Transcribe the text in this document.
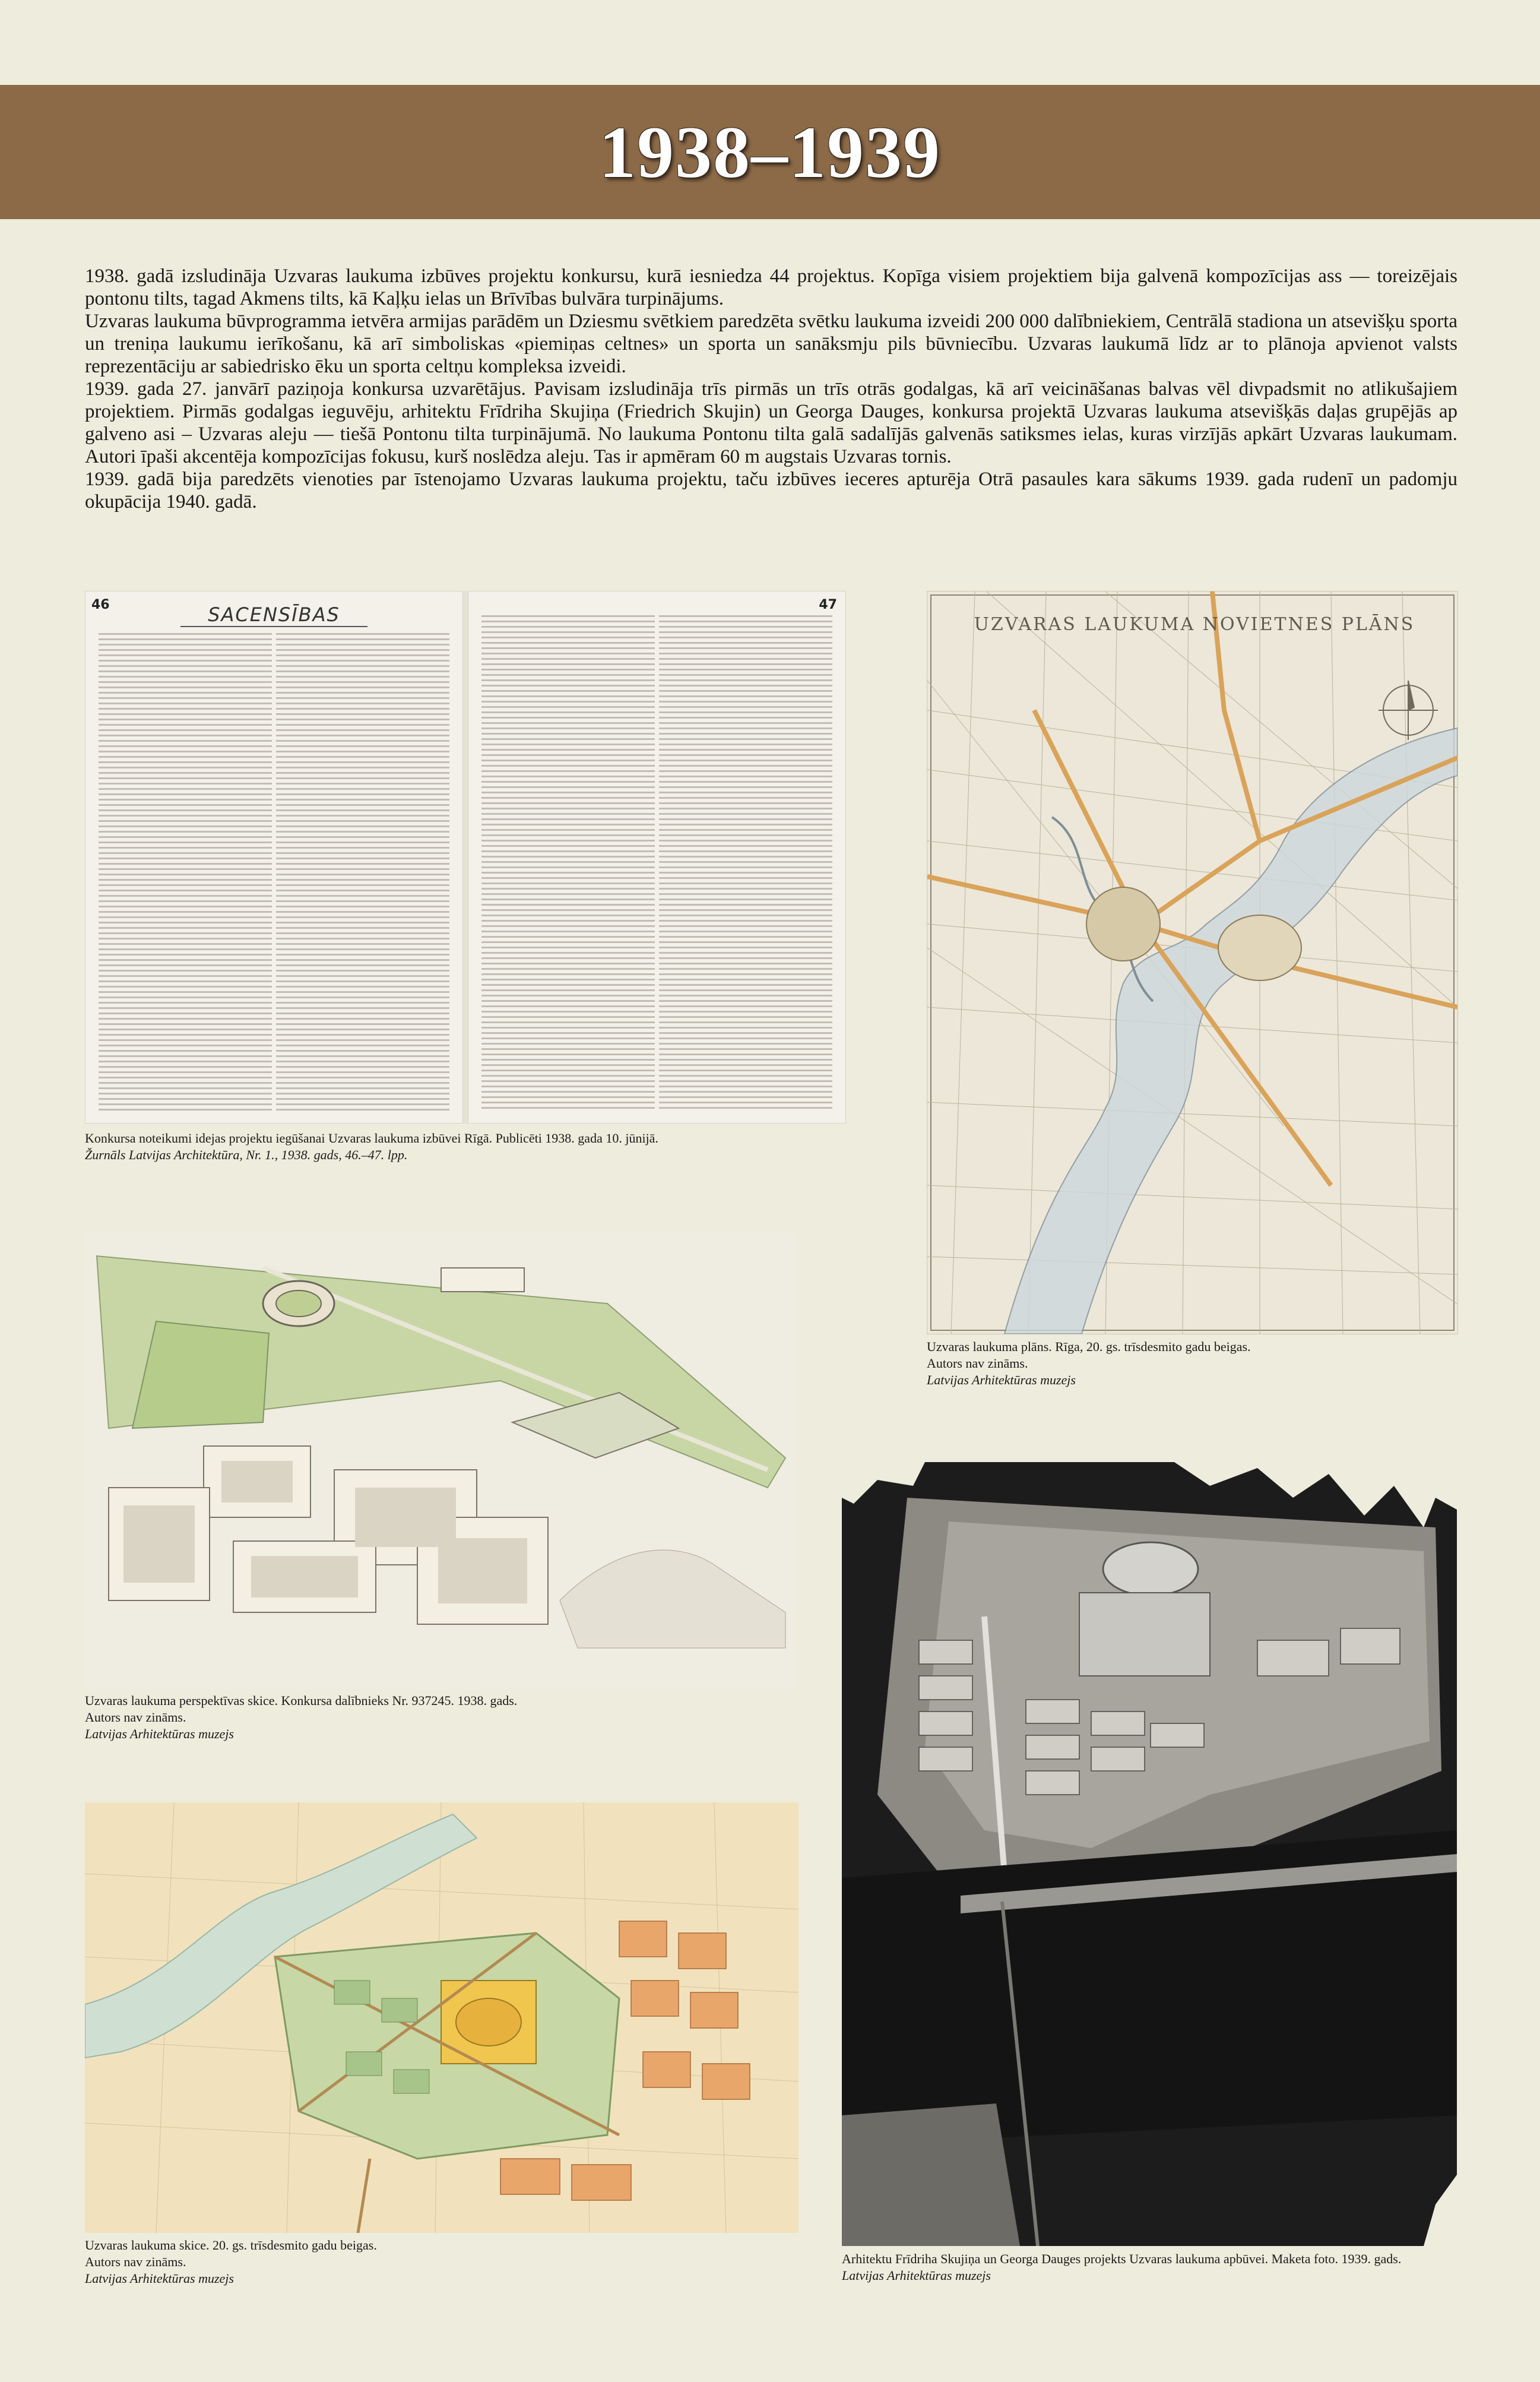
1938–1939

1938. gadā izsludināja Uzvaras laukuma izbūves projektu konkursu, kurā iesniedza 44 projektus. Kopīga visiem projektiem bija galvenā kompozīcijas ass — toreizējais pontonu tilts, tagad Akmens tilts, kā Kaļķu ielas un Brīvības bulvāra turpinājums.

Uzvaras laukuma būvprogramma ietvēra armijas parādēm un Dziesmu svētkiem paredzēta svētku laukuma izveidi 200 000 dalībniekiem, Centrālā stadiona un atsevišķu sporta un treniņa laukumu ierīkošanu, kā arī simboliskas «piemiņas celtnes» un sporta un sanāksmju pils būvniecību. Uzvaras laukumā līdz ar to plānoja apvienot valsts reprezentāciju ar sabiedrisko ēku un sporta celtņu kompleksa izveidi.

1939. gada 27. janvārī paziņoja konkursa uzvarētājus. Pavisam izsludināja trīs pirmās un trīs otrās godalgas, kā arī veicināšanas balvas vēl divpadsmit no atlikušajiem projektiem. Pirmās godalgas ieguvēju, arhitektu Frīdriha Skujiņa (Friedrich Skujin) un Georga Dauges, konkursa projektā Uzvaras laukuma atsevišķās daļas grupējās ap galveno asi – Uzvaras aleju — tiešā Pontonu tilta turpinājumā. No laukuma Pontonu tilta galā sadalījās galvenās satiksmes ielas, kuras virzījās apkārt Uzvaras laukumam. Autori īpaši akcentēja kompozīcijas fokusu, kurš noslēdza aleju. Tas ir apmēram 60 m augstais Uzvaras tornis.

1939. gadā bija paredzēts vienoties par īstenojamo Uzvaras laukuma projektu, taču izbūves ieceres apturēja Otrā pasaules kara sākums 1939. gada rudenī un padomju okupācija 1940. gadā.

46	SACENSĪBAS	47
Konkursa noteikumi idejas projektu iegūšanai Uzvaras laukuma izbūvei Rīgā. Publicēti 1938. gada 10. jūnijā.
Žurnāls Latvijas Architektūra, Nr. 1., 1938. gads, 46.–47. lpp.
UZVARAS LAUKUMA NOVIETNES PLĀNS
Uzvaras laukuma plāns. Rīga, 20. gs. trīsdesmito gadu beigas.
Autors nav zināms.
Latvijas Arhitektūras muzejs
Uzvaras laukuma perspektīvas skice. Konkursa dalībnieks Nr. 937245. 1938. gads.
Autors nav zināms.
Latvijas Arhitektūras muzejs
Arhitektu Frīdriha Skujiņa un Georga Dauges projekts Uzvaras laukuma apbūvei. Maketa foto. 1939. gads.
Latvijas Arhitektūras muzejs
Uzvaras laukuma skice. 20. gs. trīsdesmito gadu beigas.
Autors nav zināms.
Latvijas Arhitektūras muzejs
